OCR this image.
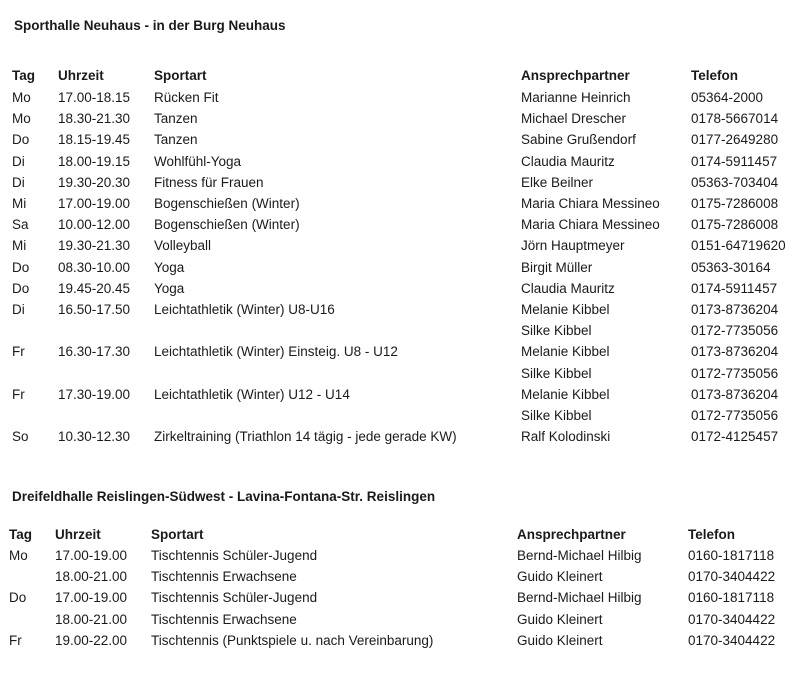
Sporthalle Neuhaus - in der Burg Neuhaus
Tag Uhrzeit	Sportart	Ansprechpartner	Telefon
Mo 17.00-18.15 Rücken Fit	Marianne Heinrich	05364-2000
Mo 18.30-21.30 Tanzen	Michael Drescher	0178-5667014
Do 18.15-19.45 Tanzen	Sabine Grußendorf	0177-2649280
Di 18.00-19.15 Wohlfühl-Yoga	Claudia Mauritz	0174-5911457
Di 19.30-20.30 Fitness für Frauen	Elke Beilner	05363-703404
Mi 17.00-19.00 Bogenschießen (Winter)	Maria Chiara Messineo 0175-7286008
Sa 10.00-12.00 Bogenschießen (Winter)	Maria Chiara Messineo 0175-7286008
Mi 19.30-21.30 Volleyball	Jörn Hauptmeyer	0151-64719620
Do 08.30-10.00 Yoga	Birgit Müller	05363-30164
Do 19.45-20.45 Yoga	Claudia Mauritz	0174-5911457
Di 16.50-17.50 Leichtathletik (Winter) U8-U16	Melanie Kibbel	0173-8736204
Silke Kibbel	0172-7735056
Fr 16.30-17.30 Leichtathletik (Winter) Einsteig. U8 - U12	Melanie Kibbel	0173-8736204
Silke Kibbel	0172-7735056
Fr 17.30-19.00 Leichtathletik (Winter) U12 - U14	Melanie Kibbel	0173-8736204
Silke Kibbel	0172-7735056
So 10.30-12.30 Zirkeltraining (Triathlon 14 tägig - jede gerade KW)	Ralf Kolodinski	0172-4125457
Dreifeldhalle Reislingen-Südwest - Lavina-Fontana-Str. Reislingen
Tag Uhrzeit	Sportart	Ansprechpartner	Telefon
Mo 17.00-19.00 Tischtennis Schüler-Jugend	Bernd-Michael Hilbig	0160-1817118
18.00-21.00 Tischtennis Erwachsene	Guido Kleinert	0170-3404422
Do 17.00-19.00 Tischtennis Schüler-Jugend	Bernd-Michael Hilbig	0160-1817118
18.00-21.00 Tischtennis Erwachsene	Guido Kleinert	0170-3404422
Fr 19.00-22.00 Tischtennis (Punktspiele u. nach Vereinbarung)	Guido Kleinert	0170-3404422
